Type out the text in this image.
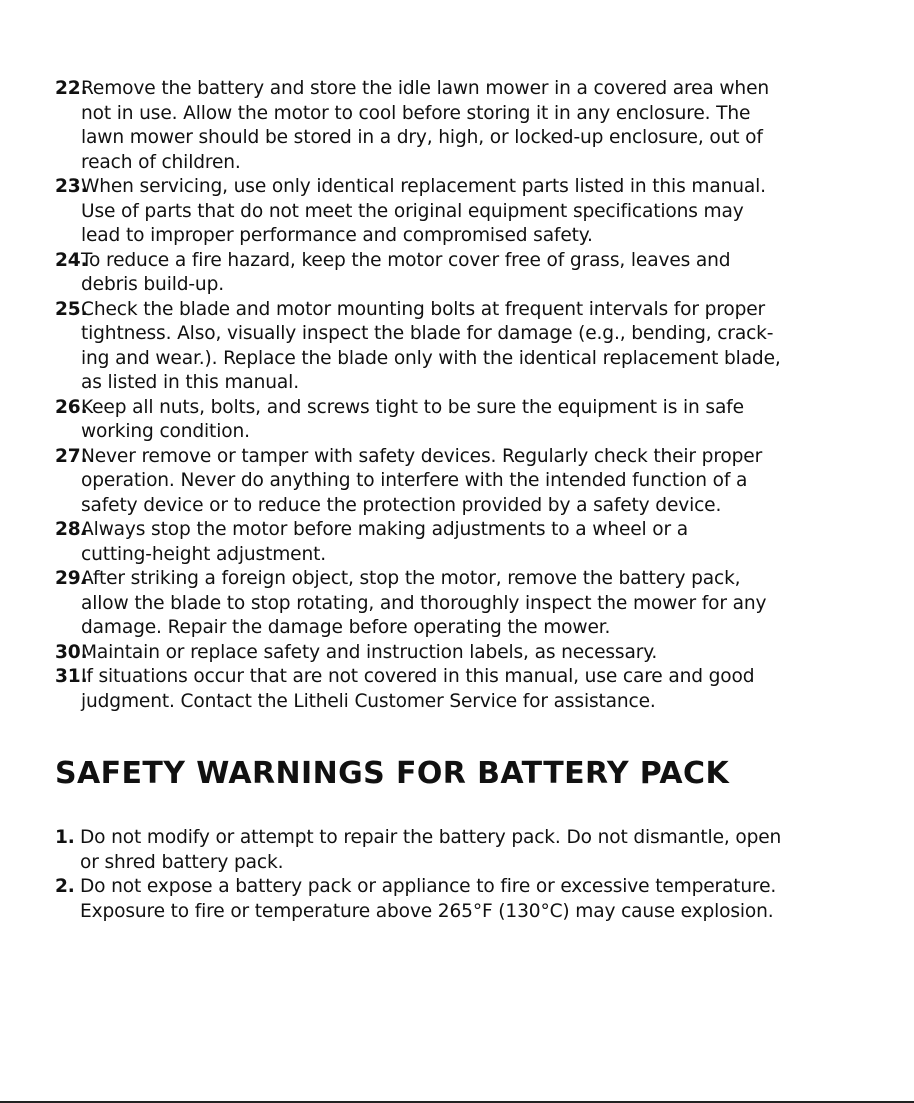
22.
Remove the battery and store the idle lawn mower in a covered area when
not in use. Allow the motor to cool before storing it in any enclosure. The
lawn mower should be stored in a dry, high, or locked-up enclosure, out of
reach of children.
23.
When servicing, use only identical replacement parts listed in this manual.
Use of parts that do not meet the original equipment specifications may
lead to improper performance and compromised safety.
24.
To reduce a fire hazard, keep the motor cover free of grass, leaves and
debris build-up.
25.
Check the blade and motor mounting bolts at frequent intervals for proper
tightness. Also, visually inspect the blade for damage (e.g., bending, crack-
ing and wear.). Replace the blade only with the identical replacement blade,
as listed in this manual.
26.
Keep all nuts, bolts, and screws tight to be sure the equipment is in safe
working condition.
27.
Never remove or tamper with safety devices. Regularly check their proper
operation. Never do anything to interfere with the intended function of a
safety device or to reduce the protection provided by a safety device.
28.
Always stop the motor before making adjustments to a wheel or a
cutting-height adjustment.
29.
After striking a foreign object, stop the motor, remove the battery pack,
allow the blade to stop rotating, and thoroughly inspect the mower for any
damage. Repair the damage before operating the mower.
30.
Maintain or replace safety and instruction labels, as necessary.
31.
If situations occur that are not covered in this manual, use care and good
judgment. Contact the Litheli Customer Service for assistance.
SAFETY WARNINGS FOR BATTERY PACK
1. Do not modify or attempt to repair the battery pack. Do not dismantle, open
or shred battery pack.
2. Do not expose a battery pack or appliance to fire or excessive temperature.
Exposure to fire or temperature above 265°F (130°C) may cause explosion.
